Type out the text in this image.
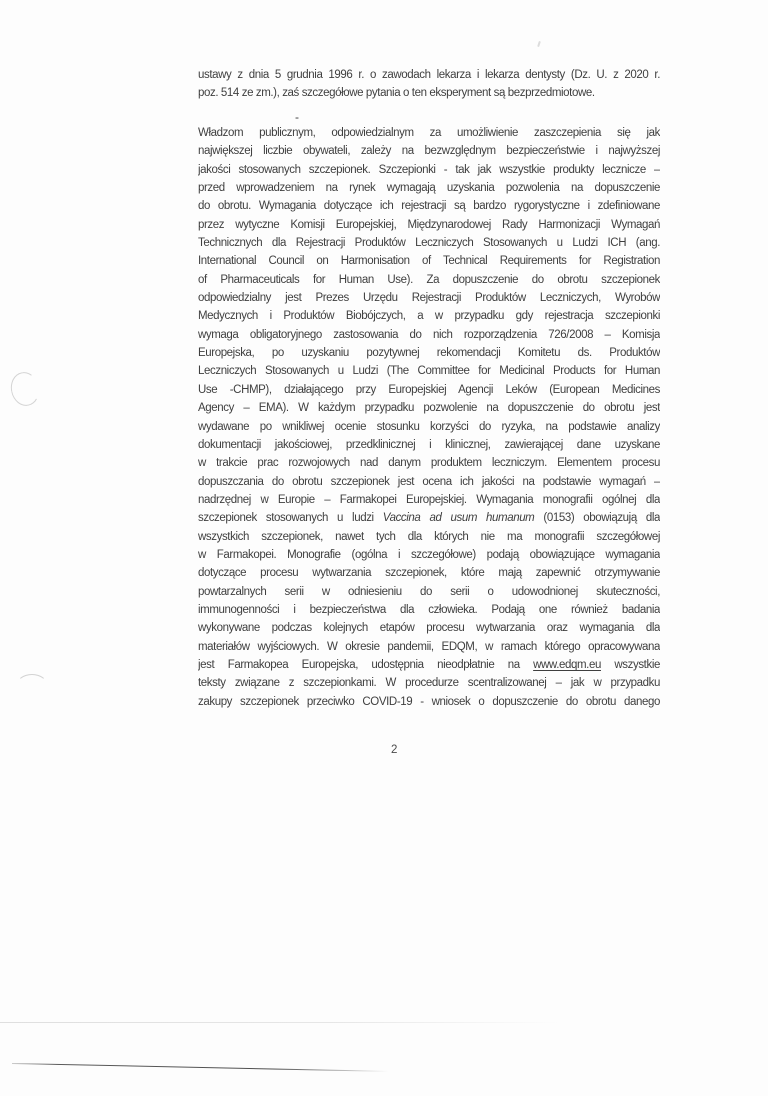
ustawy z dnia 5 grudnia 1996 r. o zawodach lekarza i lekarza dentysty (Dz. U. z 2020 r.
poz. 514 ze zm.), zaś szczegółowe pytania o ten eksperyment są bezprzedmiotowe.
-
Władzom publicznym, odpowiedzialnym za umożliwienie zaszczepienia się jak
największej liczbie obywateli, zależy na bezwzględnym bezpieczeństwie i najwyższej
jakości stosowanych szczepionek. Szczepionki - tak jak wszystkie produkty lecznicze –
przed wprowadzeniem na rynek wymagają uzyskania pozwolenia na dopuszczenie
do obrotu. Wymagania dotyczące ich rejestracji są bardzo rygorystyczne i zdefiniowane
przez wytyczne Komisji Europejskiej, Międzynarodowej Rady Harmonizacji Wymagań
Technicznych dla Rejestracji Produktów Leczniczych Stosowanych u Ludzi ICH (ang.
International Council on Harmonisation of Technical Requirements for Registration
of Pharmaceuticals for Human Use). Za dopuszczenie do obrotu szczepionek
odpowiedzialny jest Prezes Urzędu Rejestracji Produktów Leczniczych, Wyrobów
Medycznych i Produktów Biobójczych, a w przypadku gdy rejestracja szczepionki
wymaga obligatoryjnego zastosowania do nich rozporządzenia 726/2008 – Komisja
Europejska, po uzyskaniu pozytywnej rekomendacji Komitetu ds. Produktów
Leczniczych Stosowanych u Ludzi (The Committee for Medicinal Products for Human
Use -CHMP), działającego przy Europejskiej Agencji Leków (European Medicines
Agency – EMA). W każdym przypadku pozwolenie na dopuszczenie do obrotu jest
wydawane po wnikliwej ocenie stosunku korzyści do ryzyka, na podstawie analizy
dokumentacji jakościowej, przedklinicznej i klinicznej, zawierającej dane uzyskane
w trakcie prac rozwojowych nad danym produktem leczniczym. Elementem procesu
dopuszczania do obrotu szczepionek jest ocena ich jakości na podstawie wymagań –
nadrzędnej w Europie – Farmakopei Europejskiej. Wymagania monografii ogólnej dla
szczepionek stosowanych u ludzi Vaccina ad usum humanum (0153) obowiązują dla
wszystkich szczepionek, nawet tych dla których nie ma monografii szczegółowej
w Farmakopei. Monografie (ogólna i szczegółowe) podają obowiązujące wymagania
dotyczące procesu wytwarzania szczepionek, które mają zapewnić otrzymywanie
powtarzalnych serii w odniesieniu do serii o udowodnionej skuteczności,
immunogenności i bezpieczeństwa dla człowieka. Podają one również badania
wykonywane podczas kolejnych etapów procesu wytwarzania oraz wymagania dla
materiałów wyjściowych. W okresie pandemii, EDQM, w ramach którego opracowywana
jest Farmakopea Europejska, udostępnia nieodpłatnie na www.edqm.eu wszystkie
teksty związane z szczepionkami. W procedurze scentralizowanej – jak w przypadku
zakupy szczepionek przeciwko COVID-19 - wniosek o dopuszczenie do obrotu danego
2
